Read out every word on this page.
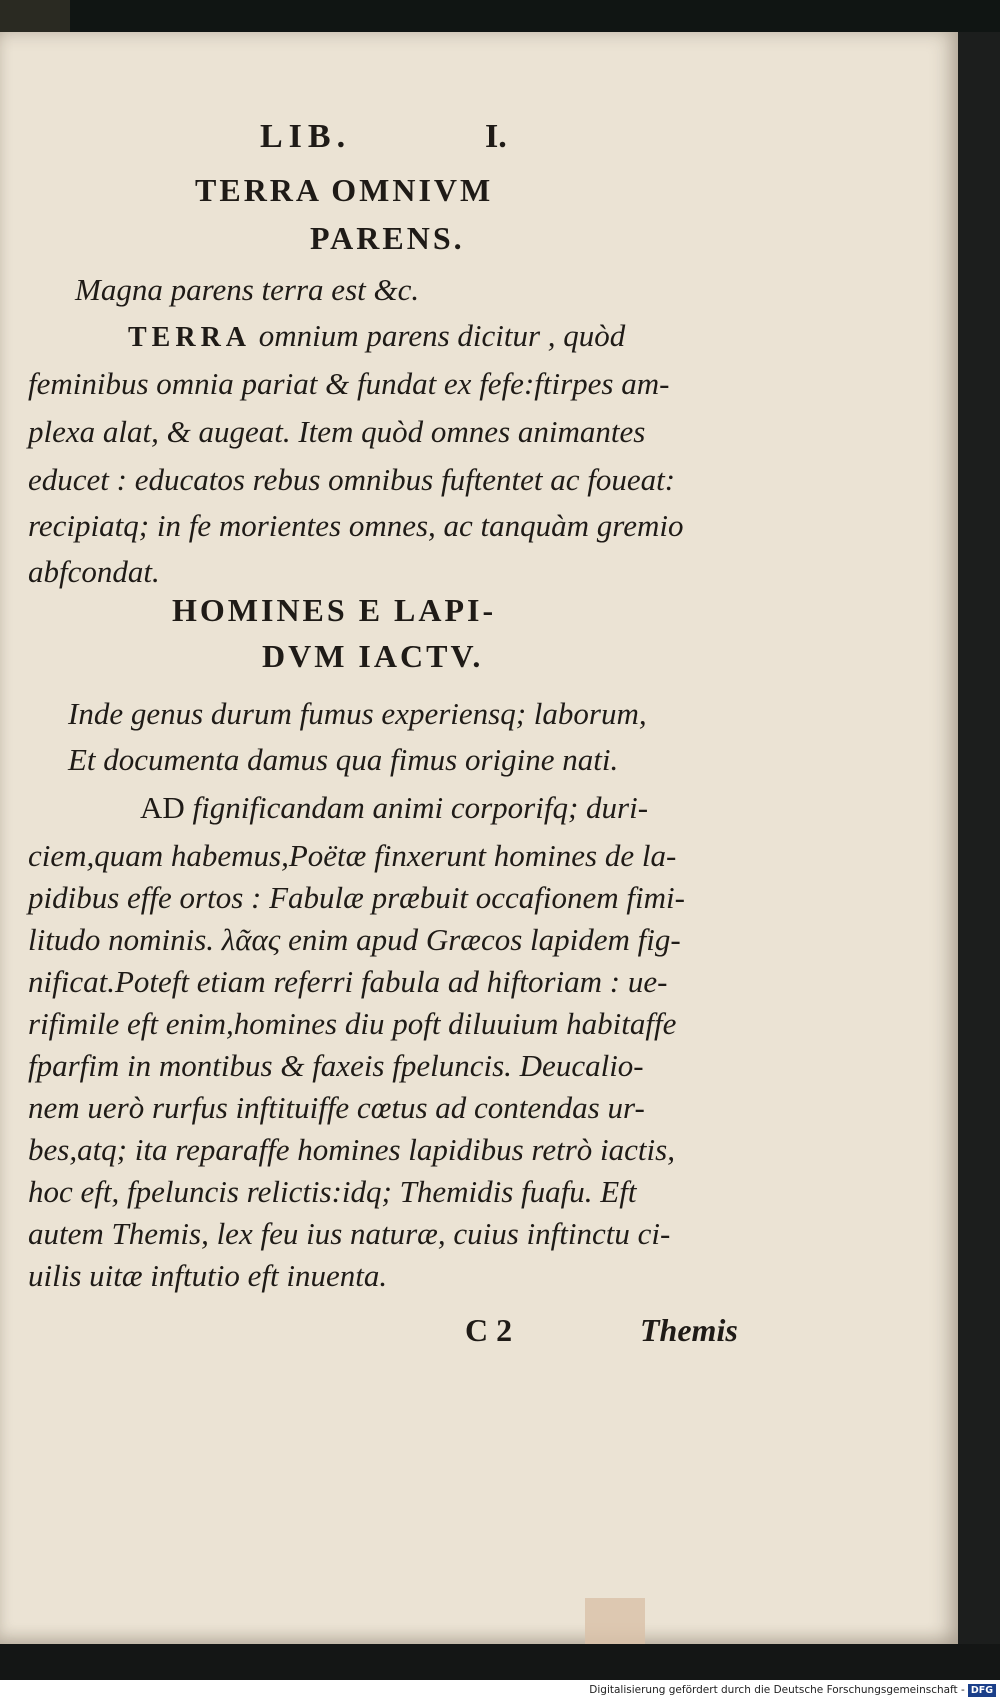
LIB.	I.
TERRA OMNIVM
PARENS.
Magna parens terra est &c.
TERRA omnium parens dicitur , quòd
feminibus omnia pariat & fundat ex fefe:ftirpes am-
plexa alat, & augeat. Item quòd omnes animantes
educet : educatos rebus omnibus fuftentet ac foueat:
recipiatq; in fe morientes omnes, ac tanquàm gremio
abfcondat.
HOMINES E LAPI-
DVM IACTV.
Inde genus durum fumus experiensq; laborum,
Et documenta damus qua fimus origine nati.
AD fignificandam animi corporifq; duri-
ciem,quam habemus,Poëtæ finxerunt homines de la-
pidibus effe ortos : Fabulæ præbuit occafionem fimi-
litudo nominis. λᾶας enim apud Græcos lapidem fig-
nificat.Poteft etiam referri fabula ad hiftoriam : ue-
rifimile eft enim,homines diu poft diluuium habitaffe
fparfim in montibus & faxeis fpeluncis. Deucalio-
nem uerò rurfus inftituiffe cœtus ad contendas ur-
bes,atq; ita reparaffe homines lapidibus retrò iactis,
hoc eft, fpeluncis relictis:idq; Themidis fuafu. Eft
autem Themis, lex feu ius naturæ, cuius inftinctu ci-
C 2	Themis
Digitalisierung gefördert durch die Deutsche Forschungsgemeinschaft - DFG
uilis uitæ inftutio eft inuenta.
